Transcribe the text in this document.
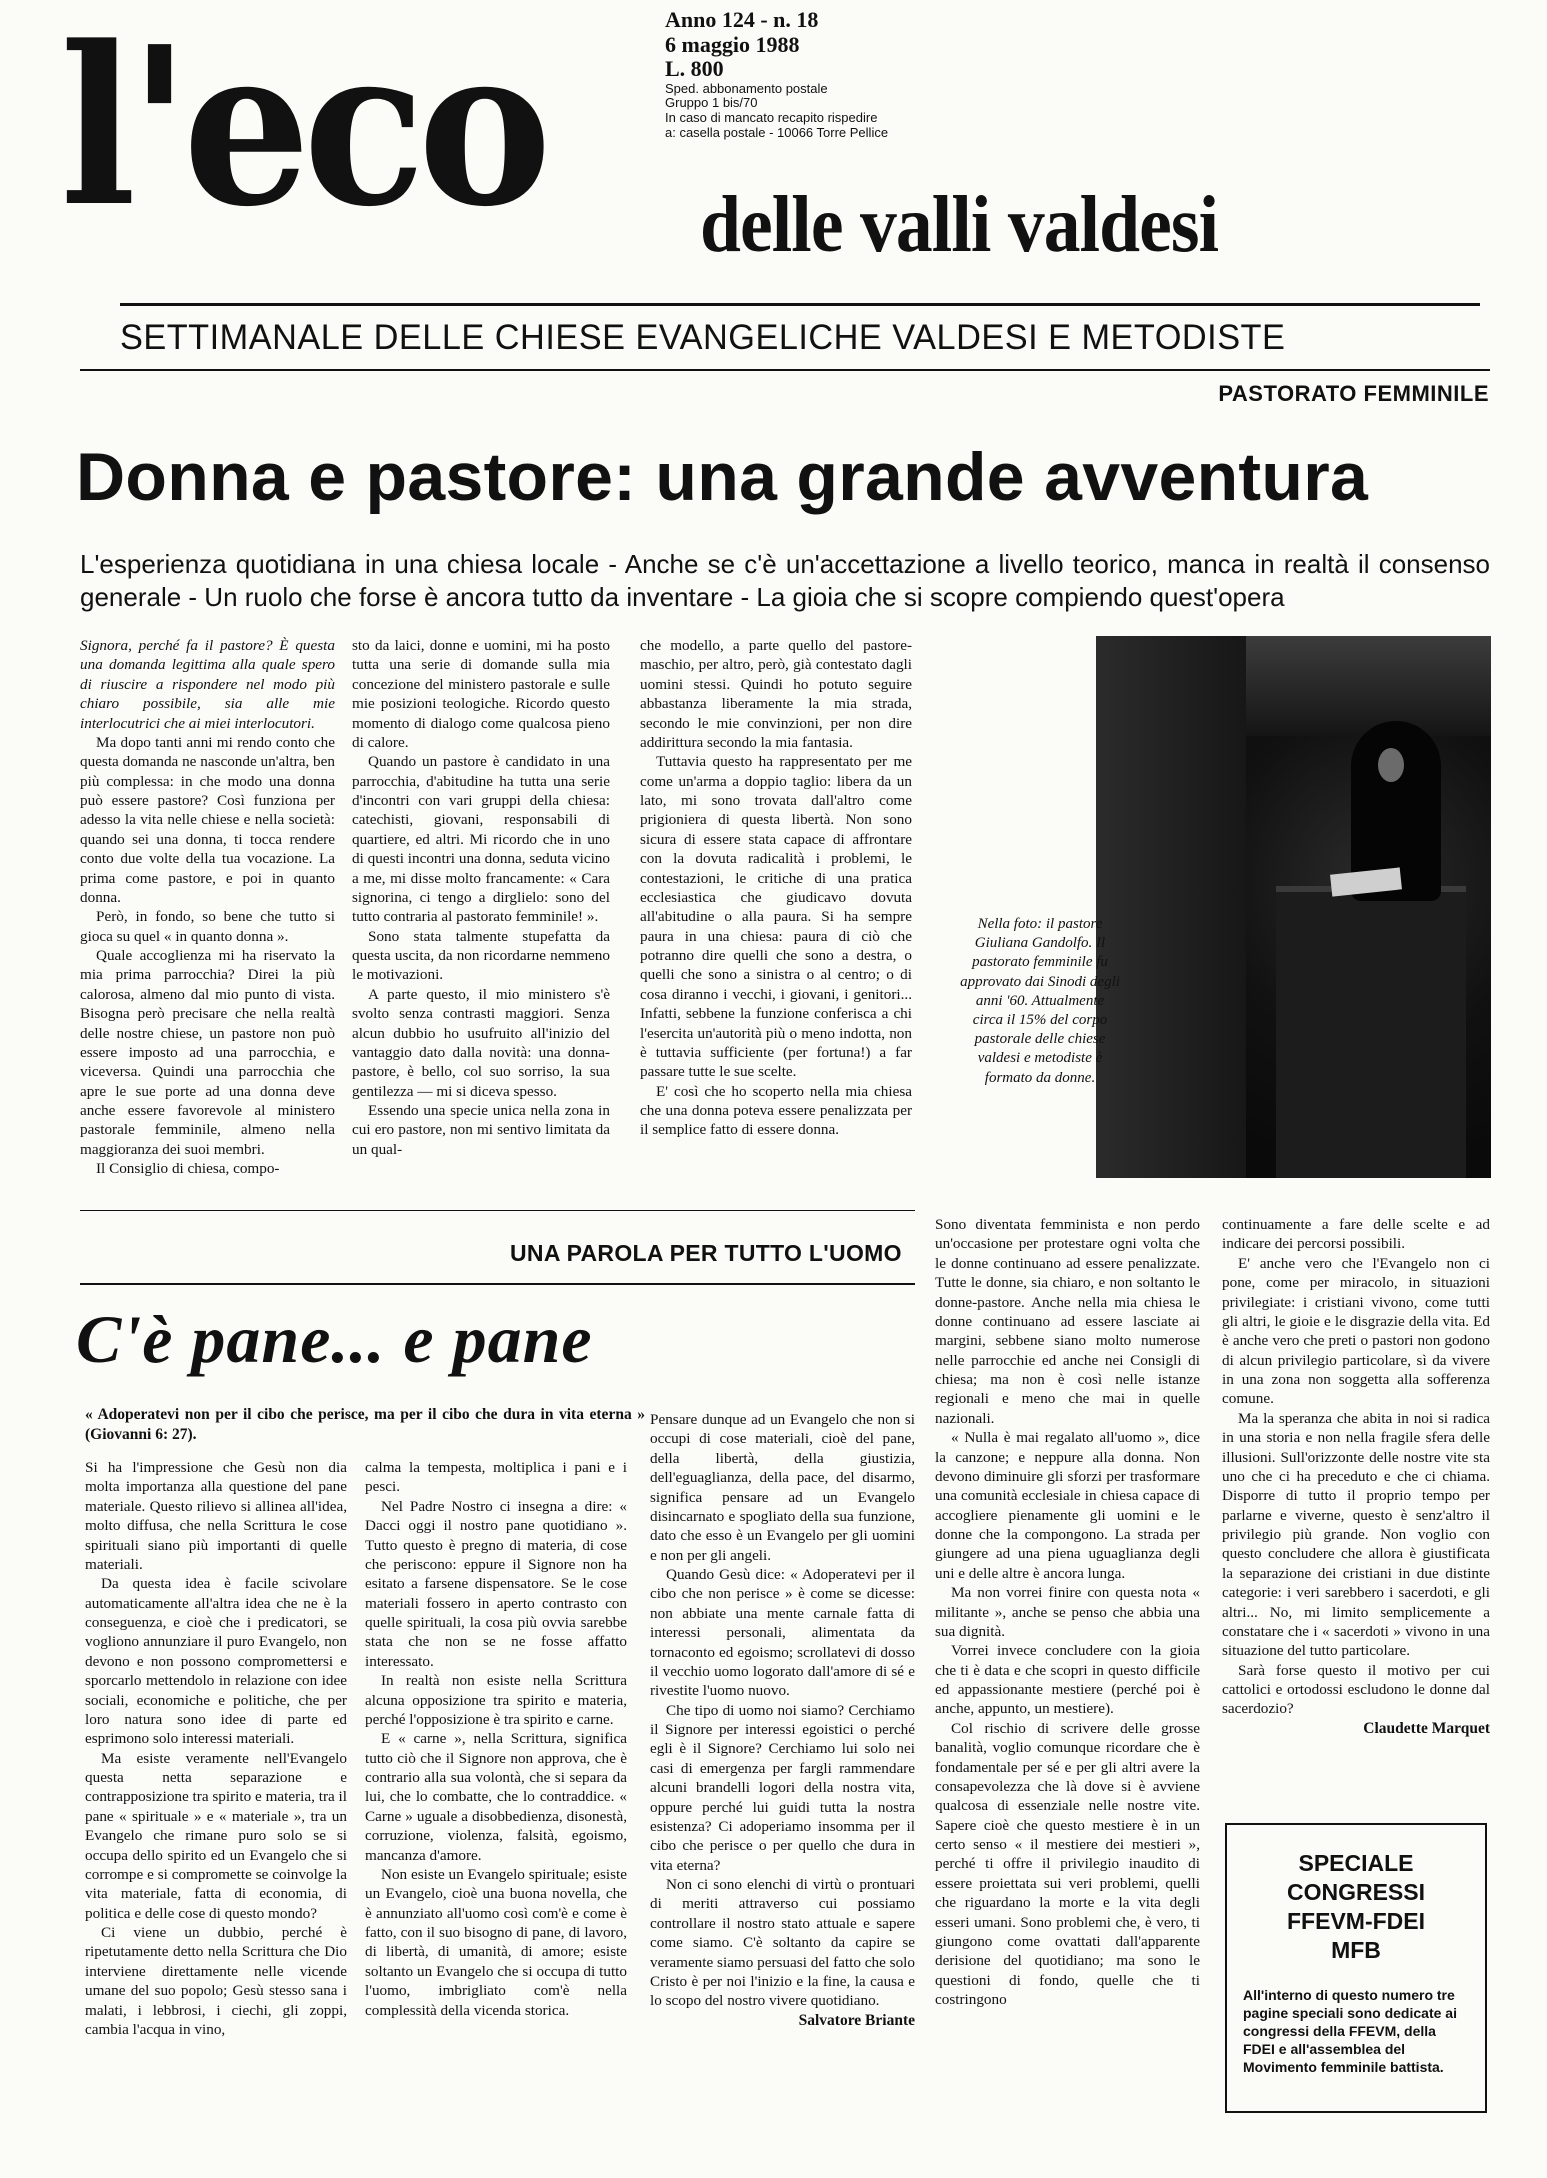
l'eco	Anno 124 - n. 18
6 maggio 1988
L. 800
Sped. abbonamento postale
Gruppo 1 bis/70
In caso di mancato recapito rispedire
a: casella postale - 10066 Torre Pellice
delle valli valdesi
SETTIMANALE DELLE CHIESE EVANGELICHE VALDESI E METODISTE
PASTORATO FEMMINILE
Donna e pastore: una grande avventura
L'esperienza quotidiana in una chiesa locale - Anche se c'è un'accettazione a livello teorico, manca in realtà il consenso generale - Un ruolo che forse è ancora tutto da inventare - La gioia che si scopre compiendo quest'opera

Signora, perché fa il pastore? È questa una domanda legittima alla quale spero di riuscire a rispondere nel modo più chiaro possibile, sia alle mie interlocutrici che ai miei interlocutori.

Ma dopo tanti anni mi rendo conto che questa domanda ne nasconde un'altra, ben più complessa: in che modo una donna può essere pastore? Così funziona per adesso la vita nelle chiese e nella società: quando sei una donna, ti tocca rendere conto due volte della tua vocazione. La prima come pastore, e poi in quanto donna.

Però, in fondo, so bene che tutto si gioca su quel « in quanto donna ».

Quale accoglienza mi ha riservato la mia prima parrocchia? Direi la più calorosa, almeno dal mio punto di vista. Bisogna però precisare che nella realtà delle nostre chiese, un pastore non può essere imposto ad una parrocchia, e viceversa. Quindi una parrocchia che apre le sue porte ad una donna deve anche essere favorevole al ministero pastorale femminile, almeno nella maggioranza dei suoi membri.

Il Consiglio di chiesa, compo-

sto da laici, donne e uomini, mi ha posto tutta una serie di domande sulla mia concezione del ministero pastorale e sulle mie posizioni teologiche. Ricordo questo momento di dialogo come qualcosa pieno di calore.

Quando un pastore è candidato in una parrocchia, d'abitudine ha tutta una serie d'incontri con vari gruppi della chiesa: catechisti, giovani, responsabili di quartiere, ed altri. Mi ricordo che in uno di questi incontri una donna, seduta vicino a me, mi disse molto francamente: « Cara signorina, ci tengo a dirglielo: sono del tutto contraria al pastorato femminile! ».

Sono stata talmente stupefatta da questa uscita, da non ricordarne nemmeno le motivazioni.

A parte questo, il mio ministero s'è svolto senza contrasti maggiori. Senza alcun dubbio ho usufruito all'inizio del vantaggio dato dalla novità: una donna-pastore, è bello, col suo sorriso, la sua gentilezza — mi si diceva spesso.

Essendo una specie unica nella zona in cui ero pastore, non mi sentivo limitata da un qual-

che modello, a parte quello del pastore-maschio, per altro, però, già contestato dagli uomini stessi. Quindi ho potuto seguire abbastanza liberamente la mia strada, secondo le mie convinzioni, per non dire addirittura secondo la mia fantasia.

Tuttavia questo ha rappresentato per me come un'arma a doppio taglio: libera da un lato, mi sono trovata dall'altro come prigioniera di questa libertà. Non sono sicura di essere stata capace di affrontare con la dovuta radicalità i problemi, le contestazioni, le critiche di una pratica ecclesiastica che giudicavo dovuta all'abitudine o alla paura. Si ha sempre paura in una chiesa: paura di ciò che potranno dire quelli che sono a destra, o quelli che sono a sinistra o al centro; o di cosa diranno i vecchi, i giovani, i genitori... Infatti, sebbene la funzione conferisca a chi l'esercita un'autorità più o meno indotta, non è tuttavia sufficiente (per fortuna!) a far passare tutte le sue scelte.

E' così che ho scoperto nella mia chiesa che una donna poteva essere penalizzata per il semplice fatto di essere donna.

Nella foto: il pastore Giuliana Gandolfo. Il pastorato femminile fu approvato dai Sinodi degli anni '60. Attualmente circa il 15% del corpo pastorale delle chiese valdesi e metodiste è formato da donne.

Sono diventata femminista e non perdo un'occasione per protestare ogni volta che le donne continuano ad essere penalizzate. Tutte le donne, sia chiaro, e non soltanto le donne-pastore. Anche nella mia chiesa le donne continuano ad essere lasciate ai margini, sebbene siano molto numerose nelle parrocchie ed anche nei Consigli di chiesa; ma non è così nelle istanze regionali e meno che mai in quelle nazionali.

« Nulla è mai regalato all'uomo », dice la canzone; e neppure alla donna. Non devono diminuire gli sforzi per trasformare una comunità ecclesiale in chiesa capace di accogliere pienamente gli uomini e le donne che la compongono. La strada per giungere ad una piena uguaglianza degli uni e delle altre è ancora lunga.

Ma non vorrei finire con questa nota « militante », anche se penso che abbia una sua dignità.

Vorrei invece concludere con la gioia che ti è data e che scopri in questo difficile ed appassionante mestiere (perché poi è anche, appunto, un mestiere).

Col rischio di scrivere delle grosse banalità, voglio comunque ricordare che è fondamentale per sé e per gli altri avere la consapevolezza che là dove si è avviene qualcosa di essenziale nelle nostre vite. Sapere cioè che questo mestiere è in un certo senso « il mestiere dei mestieri », perché ti offre il privilegio inaudito di essere proiettata sui veri problemi, quelli che riguardano la morte e la vita degli esseri umani. Sono problemi che, è vero, ti giungono come ovattati dall'apparente derisione del quotidiano; ma sono le questioni di fondo, quelle che ti costringono

continuamente a fare delle scelte e ad indicare dei percorsi possibili.

E' anche vero che l'Evangelo non ci pone, come per miracolo, in situazioni privilegiate: i cristiani vivono, come tutti gli altri, le gioie e le disgrazie della vita. Ed è anche vero che preti o pastori non godono di alcun privilegio particolare, sì da vivere in una zona non soggetta alla sofferenza comune.

Ma la speranza che abita in noi si radica in una storia e non nella fragile sfera delle illusioni. Sull'orizzonte delle nostre vite sta uno che ci ha preceduto e che ci chiama. Disporre di tutto il proprio tempo per parlarne e viverne, questo è senz'altro il privilegio più grande. Non voglio con questo concludere che allora è giustificata la separazione dei cristiani in due distinte categorie: i veri sarebbero i sacerdoti, e gli altri... No, mi limito semplicemente a constatare che i « sacerdoti » vivono in una situazione del tutto particolare.

Sarà forse questo il motivo per cui cattolici e ortodossi escludono le donne dal sacerdozio?

Claudette Marquet
SPECIALE
CONGRESSI
FFEVM-FDEI
MFB
All'interno di questo numero tre pagine speciali sono dedicate ai congressi della FFEVM, della FDEI e all'assemblea del Movimento femminile battista.
UNA PAROLA PER TUTTO L'UOMO
C'è pane... e pane
« Adoperatevi non per il cibo che perisce, ma per il cibo che dura in vita eterna » (Giovanni 6: 27).

Si ha l'impressione che Gesù non dia molta importanza alla questione del pane materiale. Questo rilievo si allinea all'idea, molto diffusa, che nella Scrittura le cose spirituali siano più importanti di quelle materiali.

Da questa idea è facile scivolare automaticamente all'altra idea che ne è la conseguenza, e cioè che i predicatori, se vogliono annunziare il puro Evangelo, non devono e non possono compromettersi e sporcarlo mettendolo in relazione con idee sociali, economiche e politiche, che per loro natura sono idee di parte ed esprimono solo interessi materiali.

Ma esiste veramente nell'Evangelo questa netta separazione e contrapposizione tra spirito e materia, tra il pane « spirituale » e « materiale », tra un Evangelo che rimane puro solo se si occupa dello spirito ed un Evangelo che si corrompe e si compromette se coinvolge la vita materiale, fatta di economia, di politica e delle cose di questo mondo?

Ci viene un dubbio, perché è ripetutamente detto nella Scrittura che Dio interviene direttamente nelle vicende umane del suo popolo; Gesù stesso sana i malati, i lebbrosi, i ciechi, gli zoppi, cambia l'acqua in vino,

calma la tempesta, moltiplica i pani e i pesci.

Nel Padre Nostro ci insegna a dire: « Dacci oggi il nostro pane quotidiano ». Tutto questo è pregno di materia, di cose che periscono: eppure il Signore non ha esitato a farsene dispensatore. Se le cose materiali fossero in aperto contrasto con quelle spirituali, la cosa più ovvia sarebbe stata che non se ne fosse affatto interessato.

In realtà non esiste nella Scrittura alcuna opposizione tra spirito e materia, perché l'opposizione è tra spirito e carne.

E « carne », nella Scrittura, significa tutto ciò che il Signore non approva, che è contrario alla sua volontà, che si separa da lui, che lo combatte, che lo contraddice. « Carne » uguale a disobbedienza, disonestà, corruzione, violenza, falsità, egoismo, mancanza d'amore.

Non esiste un Evangelo spirituale; esiste un Evangelo, cioè una buona novella, che è annunziato all'uomo così com'è e come è fatto, con il suo bisogno di pane, di lavoro, di libertà, di umanità, di amore; esiste soltanto un Evangelo che si occupa di tutto l'uomo, imbrigliato com'è nella complessità della vicenda storica.

Pensare dunque ad un Evangelo che non si occupi di cose materiali, cioè del pane, della libertà, della giustizia, dell'eguaglianza, della pace, del disarmo, significa pensare ad un Evangelo disincarnato e spogliato della sua funzione, dato che esso è un Evangelo per gli uomini e non per gli angeli.

Quando Gesù dice: « Adoperatevi per il cibo che non perisce » è come se dicesse: non abbiate una mente carnale fatta di interessi personali, alimentata da tornaconto ed egoismo; scrollatevi di dosso il vecchio uomo logorato dall'amore di sé e rivestite l'uomo nuovo.

Che tipo di uomo noi siamo? Cerchiamo il Signore per interessi egoistici o perché egli è il Signore? Cerchiamo lui solo nei casi di emergenza per fargli rammendare alcuni brandelli logori della nostra vita, oppure perché lui guidi tutta la nostra esistenza? Ci adoperiamo insomma per il cibo che perisce o per quello che dura in vita eterna?

Non ci sono elenchi di virtù o prontuari di meriti attraverso cui possiamo controllare il nostro stato attuale e sapere come siamo. C'è soltanto da capire se veramente siamo persuasi del fatto che solo Cristo è per noi l'inizio e la fine, la causa e lo scopo del nostro vivere quotidiano.

Salvatore Briante
